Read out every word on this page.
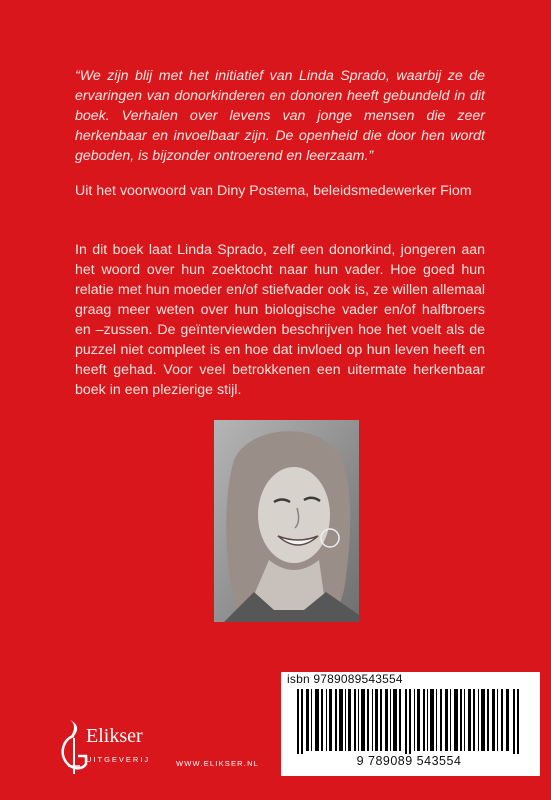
“We zijn blij met het initiatief van Linda Sprado, waarbij ze de ervaringen van donorkinderen en donoren heeft gebundeld in dit boek. Verhalen over levens van jonge mensen die zeer herkenbaar en invoelbaar zijn. De openheid die door hen wordt geboden, is bijzonder ontroerend en leerzaam.”
Uit het voorwoord van Diny Postema, beleidsmedewerker Fiom
In dit boek laat Linda Sprado, zelf een donorkind, jongeren aan het woord over hun zoektocht naar hun vader. Hoe goed hun relatie met hun moeder en/of stiefvader ook is, ze willen allemaal graag meer weten over hun biologische vader en/of halfbroers en –zussen. De geïnterviewden beschrijven hoe het voelt als de puzzel niet compleet is en hoe dat invloed op hun leven heeft en heeft gehad. Voor veel betrokkenen een uitermate herkenbaar boek in een plezierige stijl.
isbn 9789089543554
9 789089 543554
Elikser
UITGEVERIJ	WWW.ELIKSER.NL
